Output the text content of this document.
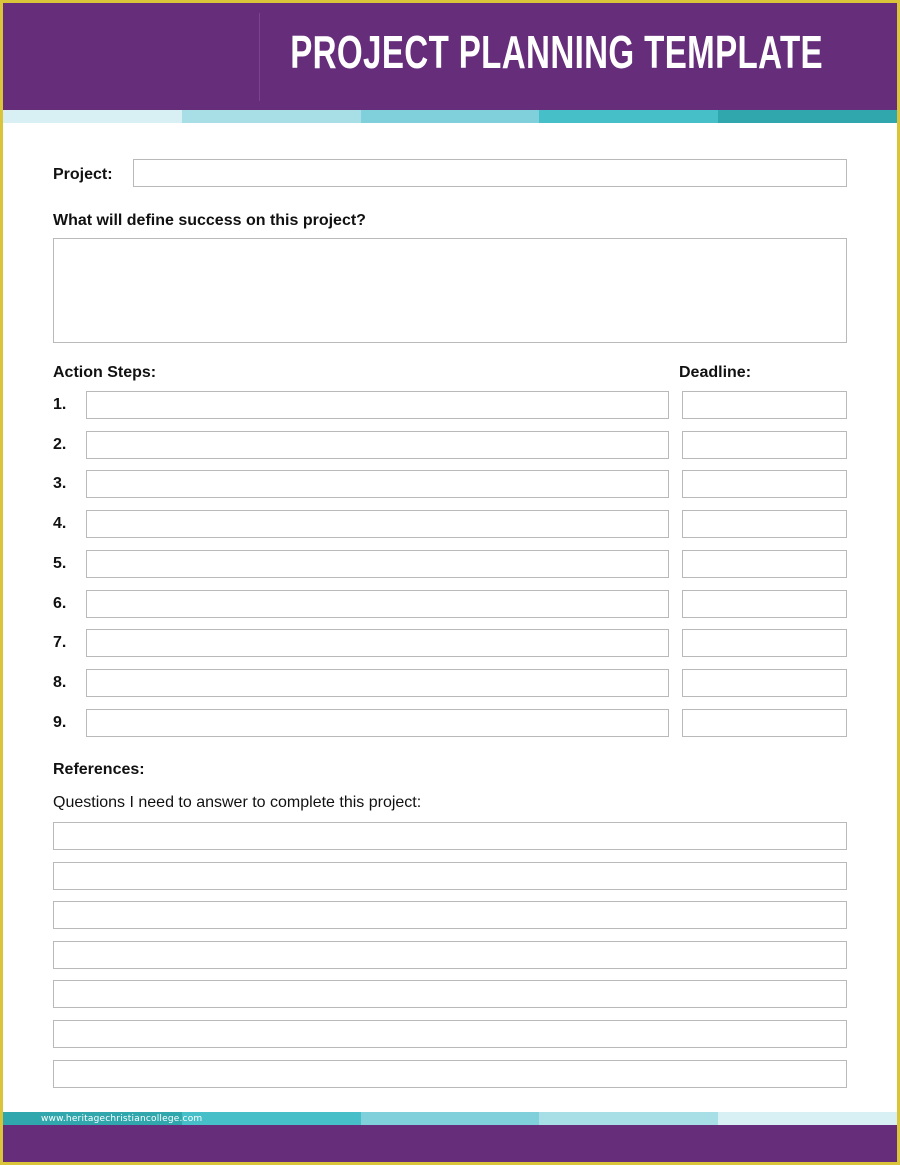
PROJECT PLANNING TEMPLATE
Project:
What will define success on this project?
Action Steps:	Deadline:
1.
2.
3.
4.
5.
6.
7.
8.
9.
References:
Questions I need to answer to complete this project:
www.heritagechristiancollege.com
